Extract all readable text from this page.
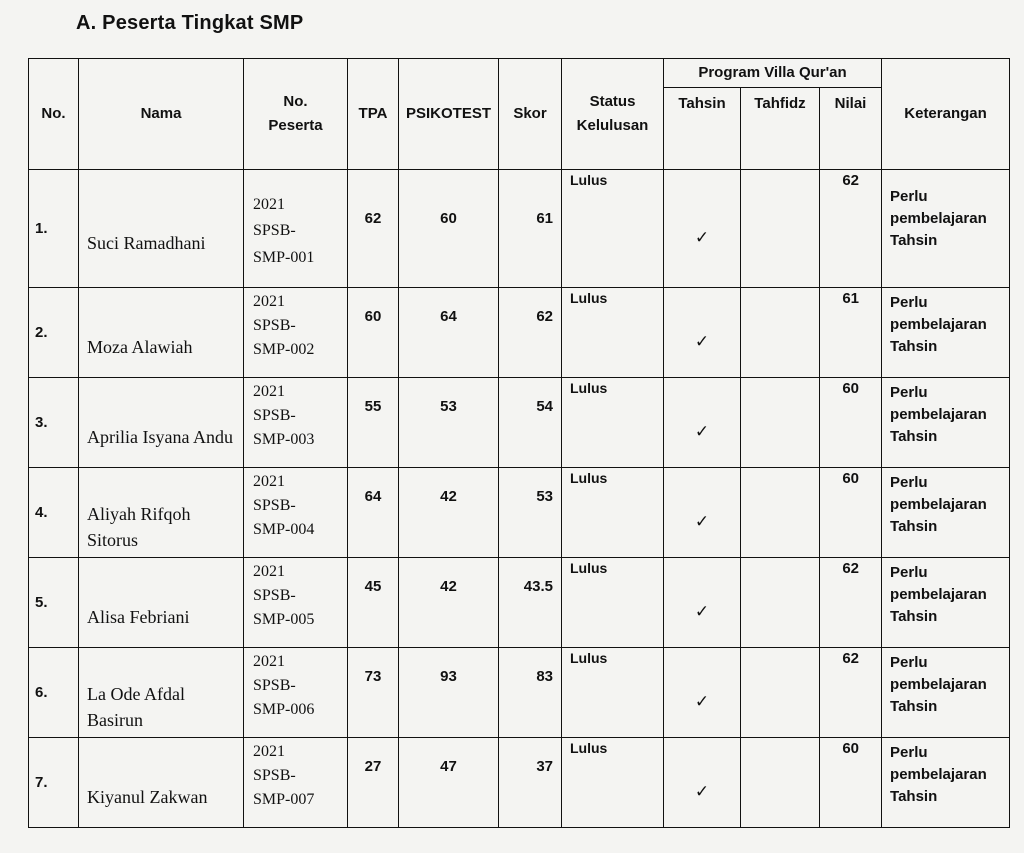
A. Peserta Tingkat SMP
No.	Nama	No.
Peserta	TPA	PSIKOTEST	Skor	Status
Kelulusan	Program Villa Qur'an			Keterangan
							Tahsin	Tahfidz	Nilai	
1.	Suci Ramadhani	2021
SPSB-
SMP-001	62	60	61	Lulus	✓		62	Perlu
pembelajaran
Tahsin
2.	Moza Alawiah	2021
SPSB-
SMP-002	60	64	62	Lulus	✓		61	Perlu
pembelajaran
Tahsin
3.	Aprilia Isyana Andu	2021
SPSB-
SMP-003	55	53	54	Lulus	✓		60	Perlu
pembelajaran
Tahsin
4.	Aliyah Rifqoh Sitorus	2021
SPSB-
SMP-004	64	42	53	Lulus	✓		60	Perlu
pembelajaran
Tahsin
5.	Alisa Febriani	2021
SPSB-
SMP-005	45	42	43.5	Lulus	✓		62	Perlu
pembelajaran
Tahsin
6.	La Ode Afdal Basirun	2021
SPSB-
SMP-006	73	93	83	Lulus	✓		62	Perlu
pembelajaran
Tahsin
7.	Kiyanul Zakwan	2021
SPSB-
SMP-007	27	47	37	Lulus	✓		60	Perlu
pembelajaran
Tahsin
